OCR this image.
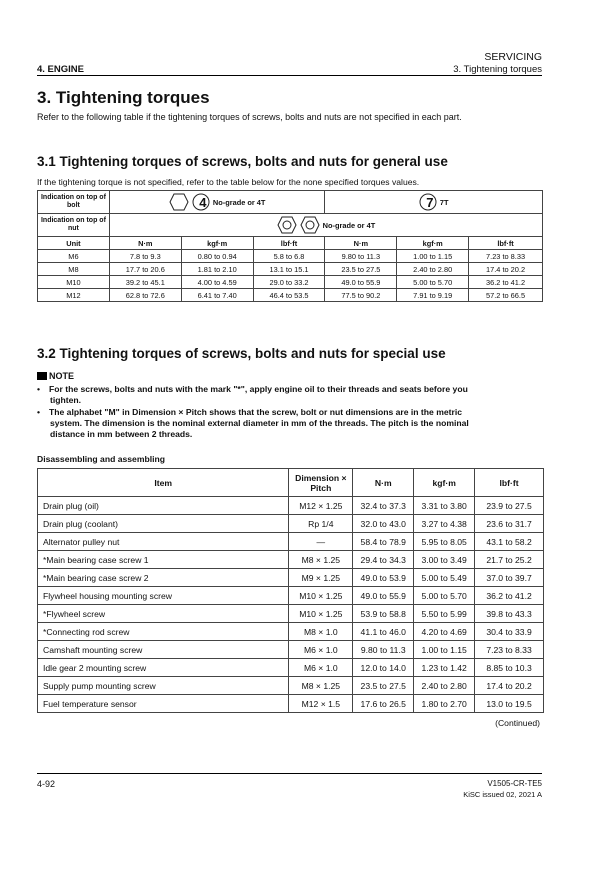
4. ENGINE
SERVICING
3. Tightening torques
3. Tightening torques
Refer to the following table if the tightening torques of screws, bolts and nuts are not specified in each part.
3.1 Tightening torques of screws, bolts and nuts for general use
If the tightening torque is not specified, refer to the table below for the none specified torques values.
Indication on top of bolt	4 No-grade or 4T			7 7T		

Indication on top of nut	No-grade or 4T					

Unit	N·m	kgf·m	lbf·ft	N·m	kgf·m	lbf·ft
M6	7.8 to 9.3	0.80 to 0.94	5.8 to 6.8	9.80 to 11.3	1.00 to 1.15	7.23 to 8.33
M8	17.7 to 20.6	1.81 to 2.10	13.1 to 15.1	23.5 to 27.5	2.40 to 2.80	17.4 to 20.2
M10	39.2 to 45.1	4.00 to 4.59	29.0 to 33.2	49.0 to 55.9	5.00 to 5.70	36.2 to 41.2
M12	62.8 to 72.6	6.41 to 7.40	46.4 to 53.5	77.5 to 90.2	7.91 to 9.19	57.2 to 66.5
3.2 Tightening torques of screws, bolts and nuts for special use
NOTE
• For the screws, bolts and nuts with the mark "*", apply engine oil to their threads and seats before you
tighten.
• The alphabet "M" in Dimension × Pitch shows that the screw, bolt or nut dimensions are in the metric
system. The dimension is the nominal external diameter in mm of the threads. The pitch is the nominal
distance in mm between 2 threads.
Disassembling and assembling
Item	Dimension × Pitch	N·m	kgf·m	lbf·ft
Drain plug (oil)	M12 × 1.25	32.4 to 37.3	3.31 to 3.80	23.9 to 27.5
Drain plug (coolant)	Rp 1/4	32.0 to 43.0	3.27 to 4.38	23.6 to 31.7
Alternator pulley nut	—	58.4 to 78.9	5.95 to 8.05	43.1 to 58.2
*Main bearing case screw 1	M8 × 1.25	29.4 to 34.3	3.00 to 3.49	21.7 to 25.2
*Main bearing case screw 2	M9 × 1.25	49.0 to 53.9	5.00 to 5.49	37.0 to 39.7
Flywheel housing mounting screw	M10 × 1.25	49.0 to 55.9	5.00 to 5.70	36.2 to 41.2
*Flywheel screw	M10 × 1.25	53.9 to 58.8	5.50 to 5.99	39.8 to 43.3
*Connecting rod screw	M8 × 1.0	41.1 to 46.0	4.20 to 4.69	30.4 to 33.9
Camshaft mounting screw	M6 × 1.0	9.80 to 11.3	1.00 to 1.15	7.23 to 8.33
Idle gear 2 mounting screw	M6 × 1.0	12.0 to 14.0	1.23 to 1.42	8.85 to 10.3
Supply pump mounting screw	M8 × 1.25	23.5 to 27.5	2.40 to 2.80	17.4 to 20.2
Fuel temperature sensor	M12 × 1.5	17.6 to 26.5	1.80 to 2.70	13.0 to 19.5
(Continued)
4-92	V1505-CR-TE5
KiSC issued 02, 2021 A
